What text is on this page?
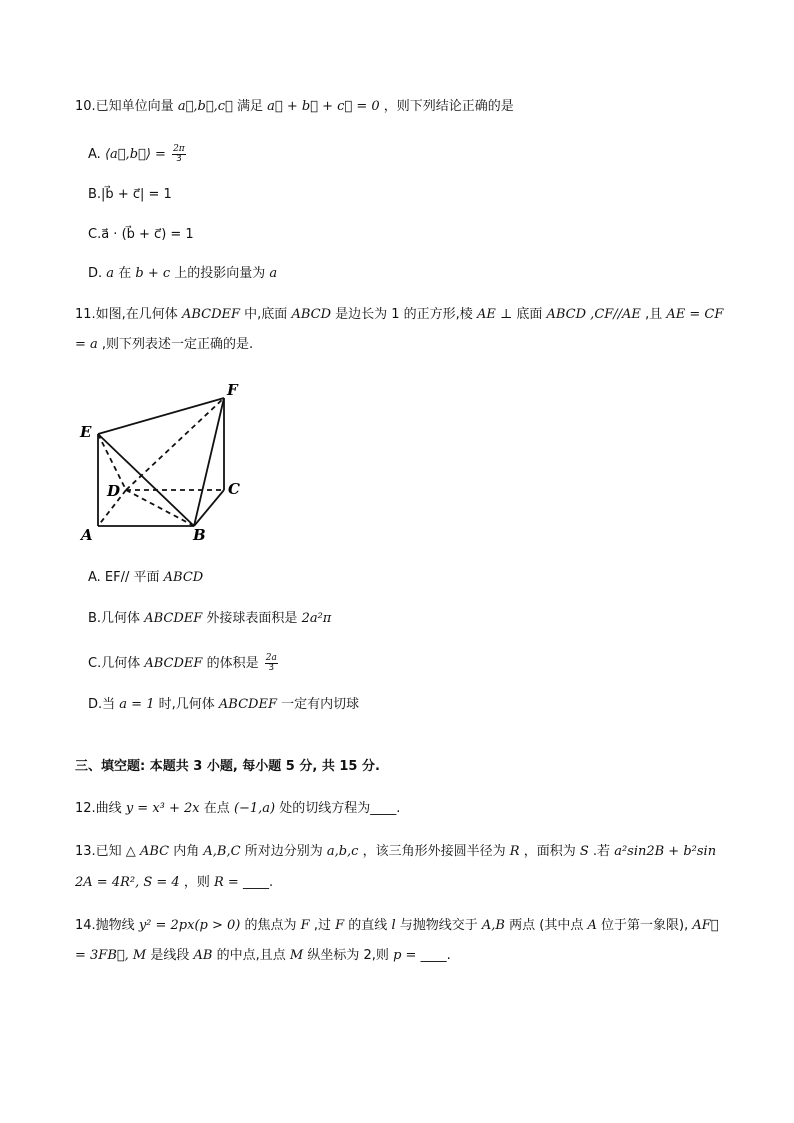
10.已知单位向量 a⃗,b⃗,c⃗ 满足 a⃗ + b⃗ + c⃗ = 0 ，则下列结论正确的是
A. ⟨a⃗,b⃗⟩ = $\frac{2\pi}{3}$
B.|b⃗ + c⃗| = 1
C.a⃗ · (b⃗ + c⃗) = 1
D. a 在 b + c 上的投影向量为 a
11.如图,在几何体 ABCDEF 中,底面 ABCD 是边长为 1 的正方形,棱 AE ⊥ 底面 ABCD ,CF//AE ,且 AE = CF
= a ,则下列表述一定正确的是.
E
F
D	C
A	B
A. EF// 平面 ABCD
B.几何体 ABCDEF 外接球表面积是 2a²π
C.几何体 ABCDEF 的体积是 $\frac{2a}{3}$
D.当 a = 1 时,几何体 ABCDEF 一定有内切球
三、填空题: 本题共 3 小题, 每小题 5 分, 共 15 分.
12.曲线 y = x³ + 2x 在点 (−1,a) 处的切线方程为____.
13.已知 △ ABC 内角 A,B,C 所对边分别为 a,b,c ，该三角形外接圆半径为 R ，面积为 S .若 a²sin2B + b²sin
2A = 4R², S = 4 ，则 R = ____.
14.抛物线 y² = 2px(p > 0) 的焦点为 F ,过 F 的直线 l 与抛物线交于 A,B 两点 (其中点 A 位于第一象限), AF⃗
= 3FB⃗, M 是线段 AB 的中点,且点 M 纵坐标为 2,则 p = ____.
